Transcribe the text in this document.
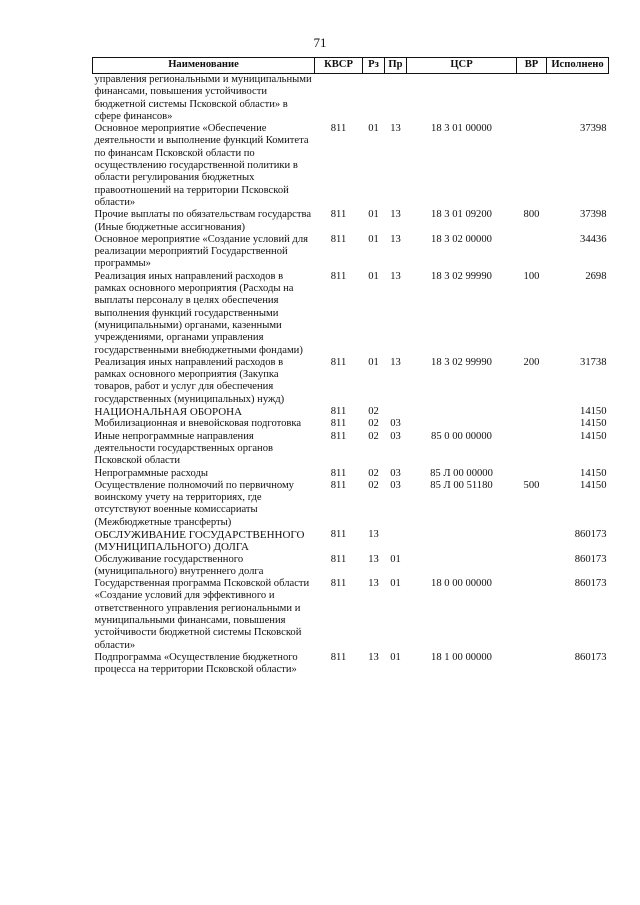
71
Наименование	КВСР	Рз	Пр	ЦСР	ВР	Исполнено
управления региональными и муниципальными финансами, повышения устойчивости бюджетной системы Псковской области» в сфере финансов»						
Основное мероприятие «Обеспечение деятельности и выполнение функций Комитета по финансам Псковской области по осуществлению государственной политики в области регулирования бюджетных правоотношений на территории Псковской области»	811	01	13	18 3 01 00000		37398
Прочие выплаты по обязательствам государства (Иные бюджетные ассигнования)	811	01	13	18 3 01 09200	800	37398
Основное мероприятие «Создание условий для реализации мероприятий Государственной программы»	811	01	13	18 3 02 00000		34436
Реализация иных направлений расходов в рамках основного мероприятия (Расходы на выплаты персоналу в целях обеспечения выполнения функций государственными (муниципальными) органами, казенными учреждениями, органами управления государственными внебюджетными фондами)	811	01	13	18 3 02 99990	100	2698
Реализация иных направлений расходов в рамках основного мероприятия (Закупка товаров, работ и услуг для обеспечения государственных (муниципальных) нужд)	811	01	13	18 3 02 99990	200	31738
НАЦИОНАЛЬНАЯ ОБОРОНА	811	02				14150
Мобилизационная и вневойсковая подготовка	811	02	03			14150
Иные непрограммные направления деятельности государственных органов Псковской области	811	02	03	85 0 00 00000		14150
Непрограммные расходы	811	02	03	85 Л 00 00000		14150
Осуществление полномочий по первичному воинскому учету на территориях, где отсутствуют военные комиссариаты (Межбюджетные трансферты)	811	02	03	85 Л 00 51180	500	14150
ОБСЛУЖИВАНИЕ ГОСУДАРСТВЕННОГО (МУНИЦИПАЛЬНОГО) ДОЛГА	811	13				860173
Обслуживание государственного (муниципального) внутреннего долга	811	13	01			860173
Государственная программа Псковской области «Создание условий для эффективного и ответственного управления региональными и муниципальными финансами, повышения устойчивости бюджетной системы Псковской области»	811	13	01	18 0 00 00000		860173
Подпрограмма «Осуществление бюджетного процесса на территории Псковской области»	811	13	01	18 1 00 00000		860173
